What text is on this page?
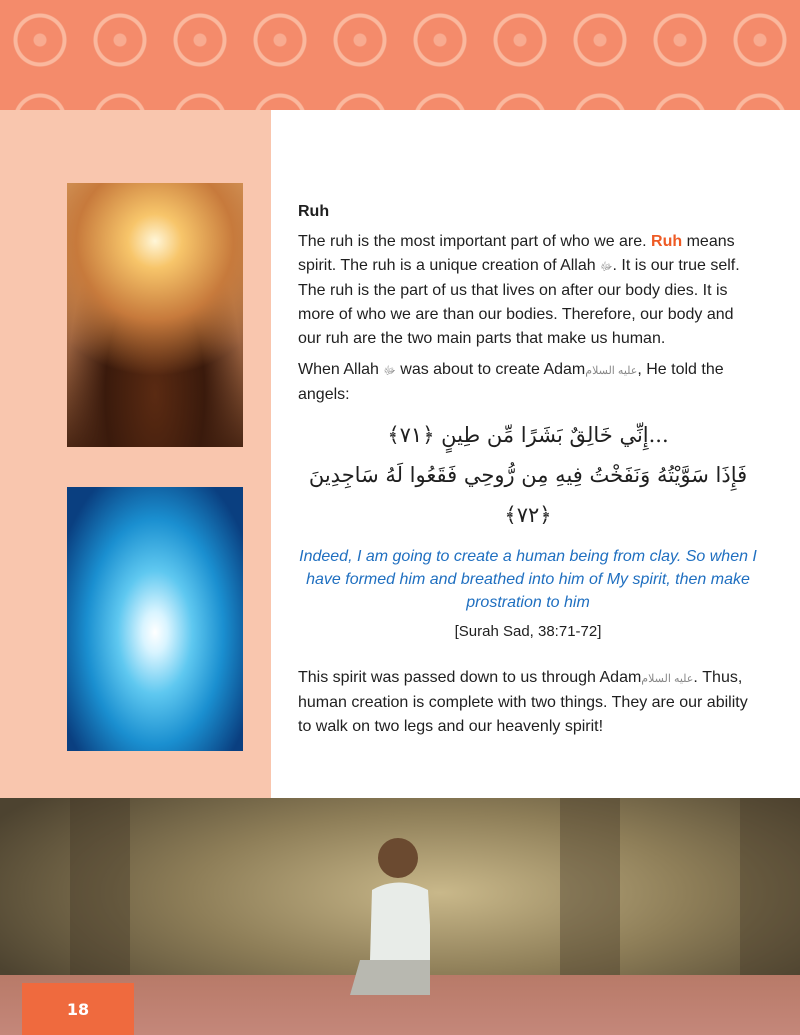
Ruh

The ruh is the most important part of who we are. Ruh means spirit. The ruh is a unique creation of Allah ﷻ. It is our true self. The ruh is the part of us that lives on after our body dies. It is more of who we are than our bodies. Therefore, our body and our ruh are the two main parts that make us human.

When Allah ﷻ was about to create Adamعليه السلام, He told the angels:

...إِنِّي خَالِقٌ بَشَرًا مِّن طِينٍ ﴿٧١﴾
فَإِذَا سَوَّيْتُهُ وَنَفَخْتُ فِيهِ مِن رُّوحِي فَقَعُوا لَهُ سَاجِدِينَ ﴿٧٢﴾
Indeed, I am going to create a human being from clay. So when I have formed him and breathed into him of My spirit, then make prostration to him
[Surah Sad, 38:71-72]

This spirit was passed down to us through Adamعليه السلام. Thus, human creation is complete with two things. They are our ability to walk on two legs and our heavenly spirit!

18
